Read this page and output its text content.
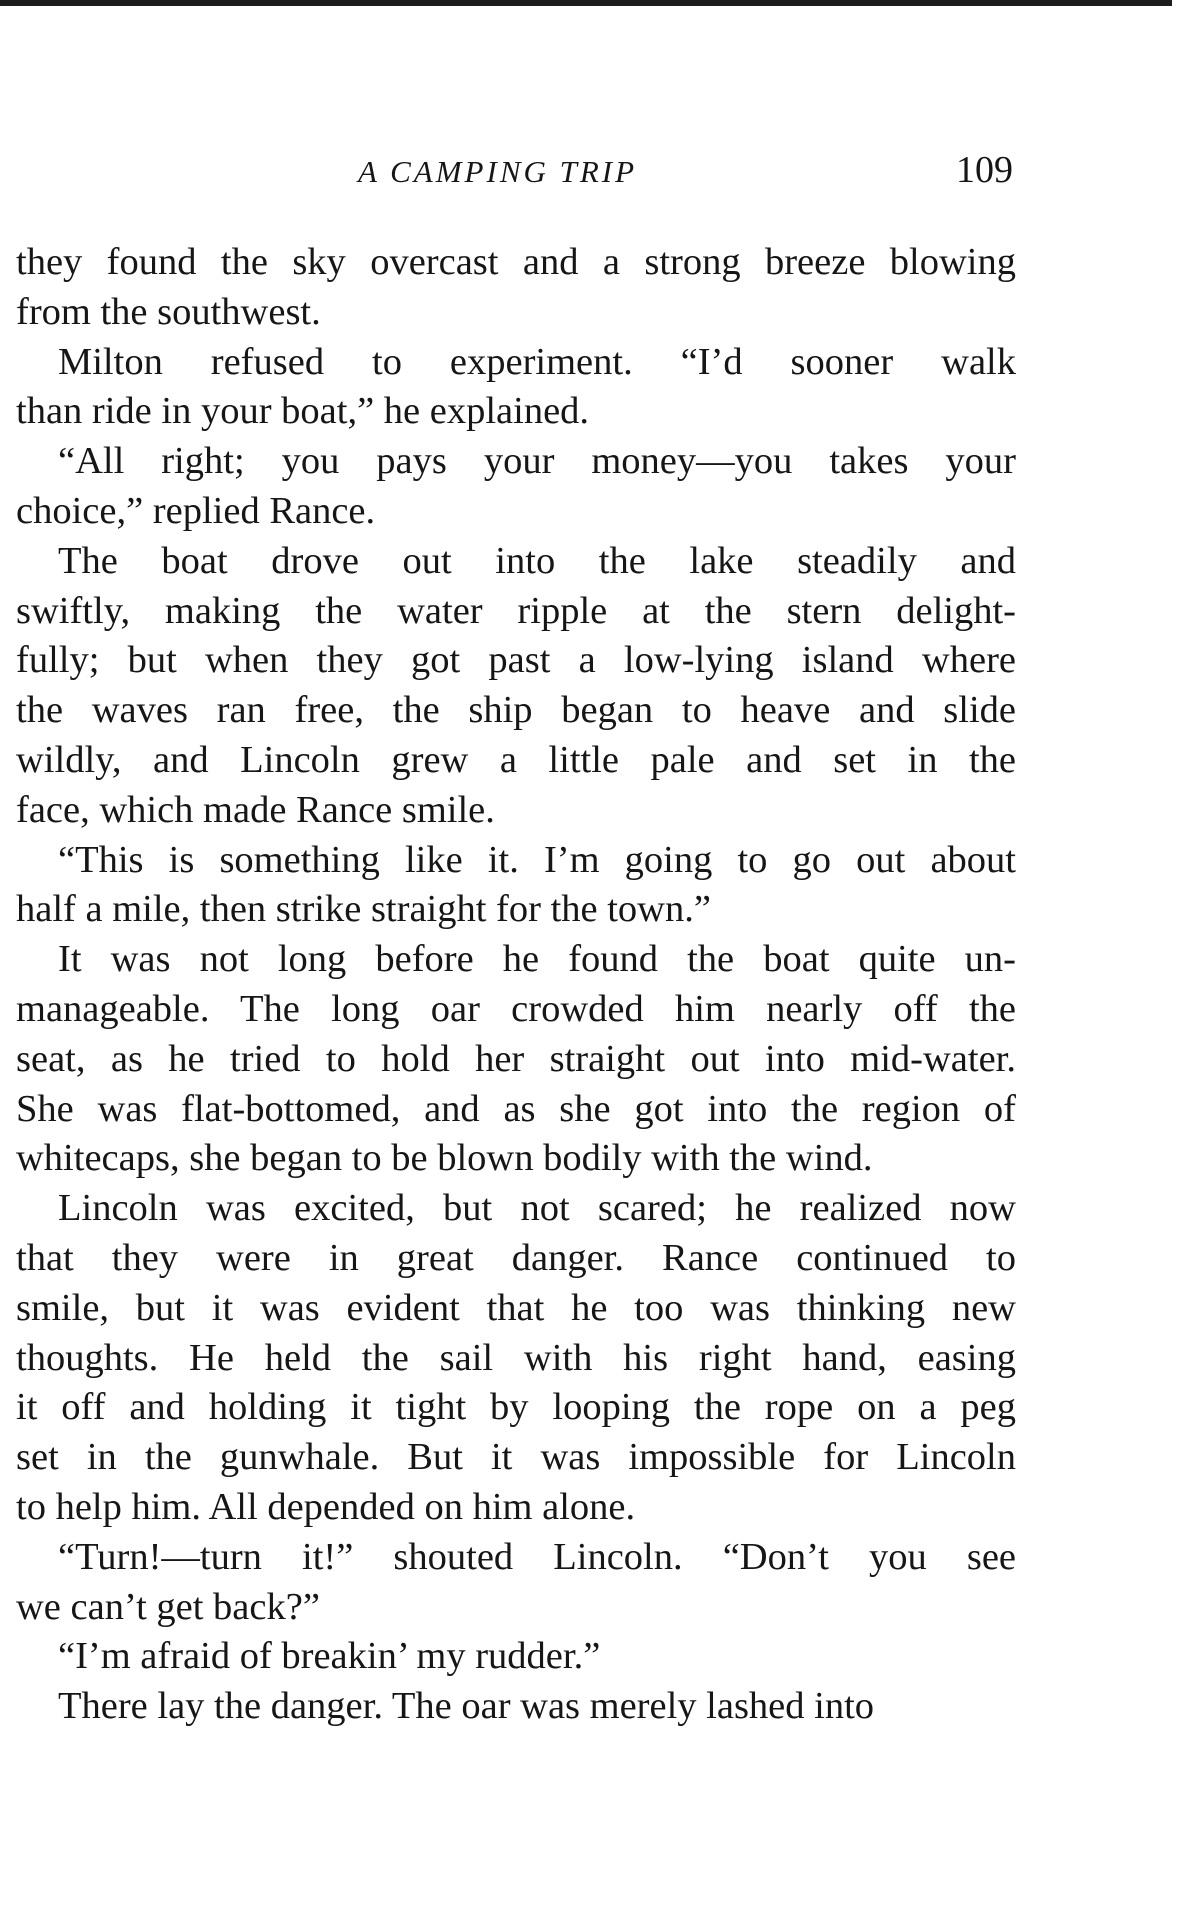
A CAMPING TRIP	109
they found the sky overcast and a strong breeze blowing
from the southwest.
Milton refused to experiment. “I’d sooner walk
than ride in your boat,” he explained.
“All right; you pays your money—you takes your
choice,” replied Rance.
The boat drove out into the lake steadily and
swiftly, making the water ripple at the stern delight-
fully; but when they got past a low-lying island where
the waves ran free, the ship began to heave and slide
wildly, and Lincoln grew a little pale and set in the
face, which made Rance smile.
“This is something like it. I’m going to go out about
half a mile, then strike straight for the town.”
It was not long before he found the boat quite un-
manageable. The long oar crowded him nearly off the
seat, as he tried to hold her straight out into mid-water.
She was flat-bottomed, and as she got into the region of
whitecaps, she began to be blown bodily with the wind.
Lincoln was excited, but not scared; he realized now
that they were in great danger. Rance continued to
smile, but it was evident that he too was thinking new
thoughts. He held the sail with his right hand, easing
it off and holding it tight by looping the rope on a peg
set in the gunwhale. But it was impossible for Lincoln
to help him. All depended on him alone.
“Turn!—turn it!” shouted Lincoln. “Don’t you see
we can’t get back?”
“I’m afraid of breakin’ my rudder.”
There lay the danger. The oar was merely lashed into
